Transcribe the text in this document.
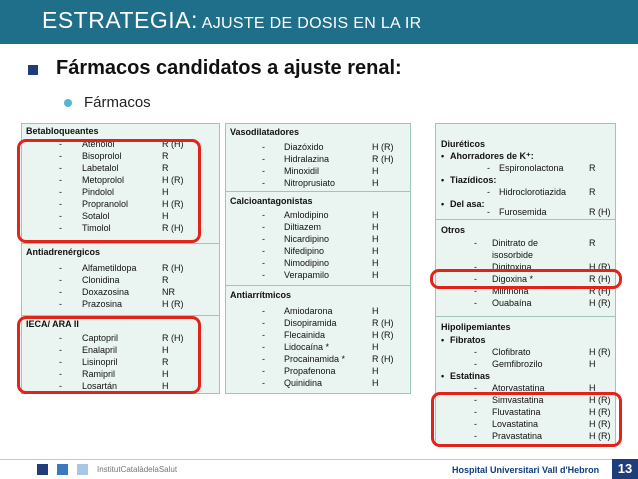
ESTRATEGIA: AJUSTE DE DOSIS EN LA IR
Fármacos candidatos a ajuste renal:
Fármacos
Betabloqueantes
- Atenolol	R (H)
- Bisoprolol	R
- Labetalol	R
- Metoprolol	H (R)
- Pindolol	H
- Propranolol	H (R)
- Sotalol	H
- Timolol	R (H)
Antiadrenérgicos
- Alfametildopa	R (H)
- Clonidina	R
- Doxazosina	NR
- Prazosina	H (R)
IECA/ ARA II
- Captopril	R (H)
- Enalapril	H
- Lisinopril	R
- Ramipril	H
- Losartán	H
Vasodilatadores
- Diazóxido	H (R)
- Hidralazina	R (H)
- Minoxidil	H
- Nitroprusiato	H
Calcioantagonistas
- Amlodipino	H
- Diltiazem	H
- Nicardipino	H
- Nifedipino	H
- Nimodipino	H
- Verapamilo	H
Antiarrítmicos
- Amiodarona	H
- Disopiramida	R (H)
- Flecainida	H (R)
- Lidocaína *	H
- Procainamida *	R (H)
- Propafenona	H
- Quinidina	H
Diuréticos
• Ahorradores de K⁺:
- Espironolactona	R
• Tiazídicos:
- Hidroclorotiazida	R
• Del asa:
- Furosemida	R (H)
Otros
- Dinitrato de	R
isosorbide
- Digitoxina	H (R)
- Digoxina *	R (H)
- Milrinona	R (H)
- Ouabaína	H (R)
Hipolipemiantes
• Fibratos
- Clofibrato	H (R)
- Gemfibrozilo	H
• Estatinas
- Atorvastatina	H
- Simvastatina	H (R)
- Fluvastatina	H (R)
- Lovastatina	H (R)
- Pravastatina	H (R)
InstitutCatalàdelaSalut	Hospital Universitari Vall d'Hebron	13
